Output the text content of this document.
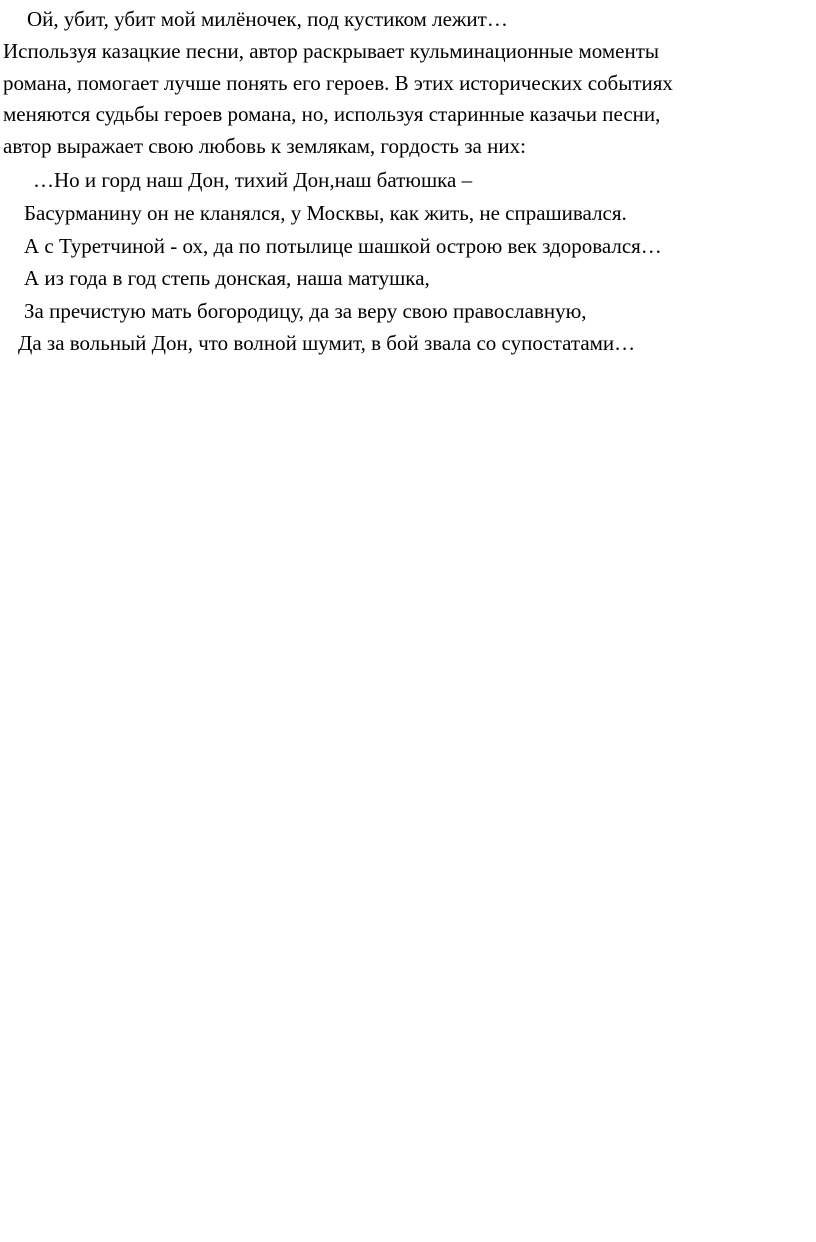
Ой, убит, убит мой милёночек, под кустиком лежит…
Используя казацкие песни, автор раскрывает кульминационные моменты
романа, помогает лучше понять его героев. В этих исторических событиях
меняются судьбы героев романа, но, используя старинные казачьи песни,
автор выражает свою любовь к землякам, гордость за них:
…Но и горд наш Дон, тихий Дон,наш батюшка –
Басурманину он не кланялся, у Москвы, как жить, не спрашивался.
А с Туретчиной - ох, да по потылице шашкой острою век здоровался…
А из года в год степь донская, наша матушка,
За пречистую мать богородицу, да за веру свою православную,
Да за вольный Дон, что волной шумит, в бой звала со супостатами…
